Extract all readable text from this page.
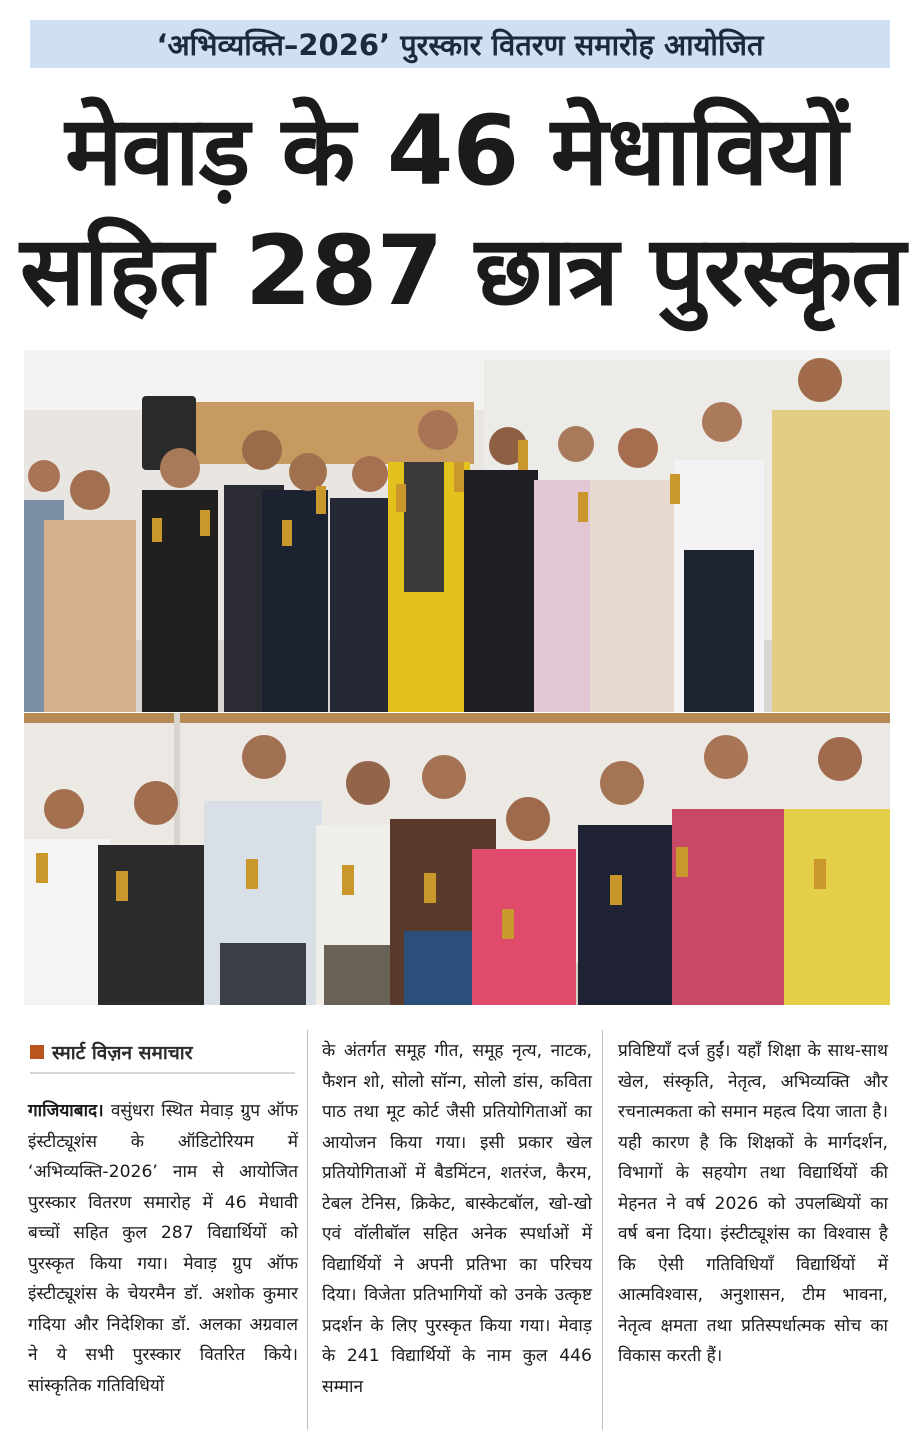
‘अभिव्यक्ति–2026’ पुरस्कार वितरण समारोह आयोजित
मेवाड़ के 46 मेधावियों
सहित 287 छात्र पुरस्कृत
स्मार्ट विज़न समाचार

गाजियाबाद। वसुंधरा स्थित मेवाड़ ग्रुप ऑफ इंस्टीट्यूशंस के ऑडिटोरियम में ‘अभिव्यक्ति-2026’ नाम से आयोजित पुरस्कार वितरण समारोह में 46 मेधावी बच्चों सहित कुल 287 विद्यार्थियों को पुरस्कृत किया गया। मेवाड़ ग्रुप ऑफ इंस्टीट्यूशंस के चेयरमैन डॉ. अशोक कुमार गदिया और निदेशिका डॉ. अलका अग्रवाल ने ये सभी पुरस्कार वितरित किये। सांस्कृतिक गतिविधियों

के अंतर्गत समूह गीत, समूह नृत्य, नाटक, फैशन शो, सोलो सॉन्ग, सोलो डांस, कविता पाठ तथा मूट कोर्ट जैसी प्रतियोगिताओं का आयोजन किया गया। इसी प्रकार खेल प्रतियोगिताओं में बैडमिंटन, शतरंज, कैरम, टेबल टेनिस, क्रिकेट, बास्केटबॉल, खो-खो एवं वॉलीबॉल सहित अनेक स्पर्धाओं में विद्यार्थियों ने अपनी प्रतिभा का परिचय दिया। विजेता प्रतिभागियों को उनके उत्कृष्ट प्रदर्शन के लिए पुरस्कृत किया गया। मेवाड़ के 241 विद्यार्थियों के नाम कुल 446 सम्मान

प्रविष्टियाँ दर्ज हुईं। यहाँ शिक्षा के साथ-साथ खेल, संस्कृति, नेतृत्व, अभिव्यक्ति और रचनात्मकता को समान महत्व दिया जाता है। यही कारण है कि शिक्षकों के मार्गदर्शन, विभागों के सहयोग तथा विद्यार्थियों की मेहनत ने वर्ष 2026 को उपलब्धियों का वर्ष बना दिया। इंस्टीट्यूशंस का विश्वास है कि ऐसी गतिविधियाँ विद्यार्थियों में आत्मविश्वास, अनुशासन, टीम भावना, नेतृत्व क्षमता तथा प्रतिस्पर्धात्मक सोच का विकास करती हैं।
